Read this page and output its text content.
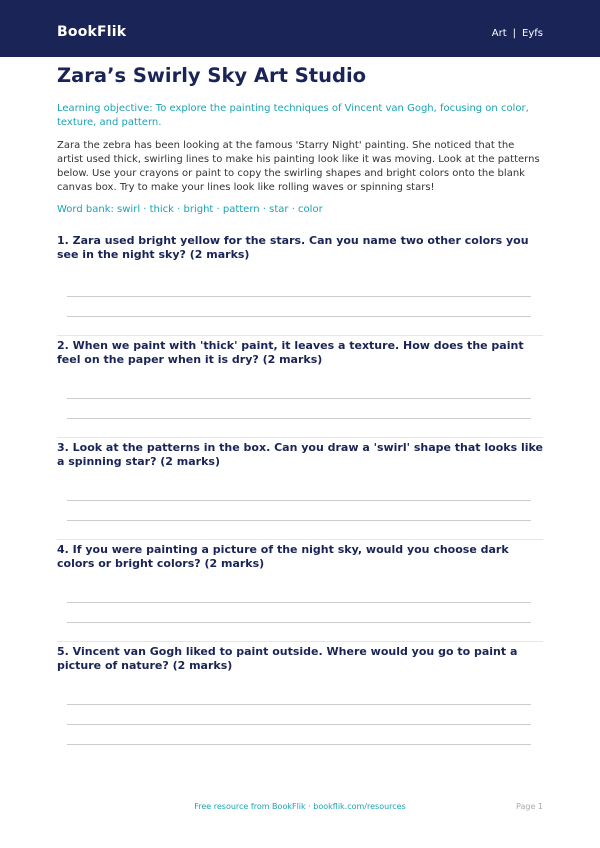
BookFlik	Art | Eyfs
Zara’s Swirly Sky Art Studio

Learning objective: To explore the painting techniques of Vincent van Gogh, focusing on color, texture, and pattern.

Zara the zebra has been looking at the famous 'Starry Night' painting. She noticed that the artist used thick, swirling lines to make his painting look like it was moving. Look at the patterns below. Use your crayons or paint to copy the swirling shapes and bright colors onto the blank canvas box. Try to make your lines look like rolling waves or spinning stars!

Word bank: swirl · thick · bright · pattern · star · color

1. Zara used bright yellow for the stars. Can you name two other colors you see in the night sky? (2 marks)

2. When we paint with 'thick' paint, it leaves a texture. How does the paint feel on the paper when it is dry? (2 marks)

3. Look at the patterns in the box. Can you draw a 'swirl' shape that looks like a spinning star? (2 marks)

4. If you were painting a picture of the night sky, would you choose dark colors or bright colors? (2 marks)

5. Vincent van Gogh liked to paint outside. Where would you go to paint a picture of nature? (2 marks)

Free resource from BookFlik · bookflik.com/resources	Page 1
